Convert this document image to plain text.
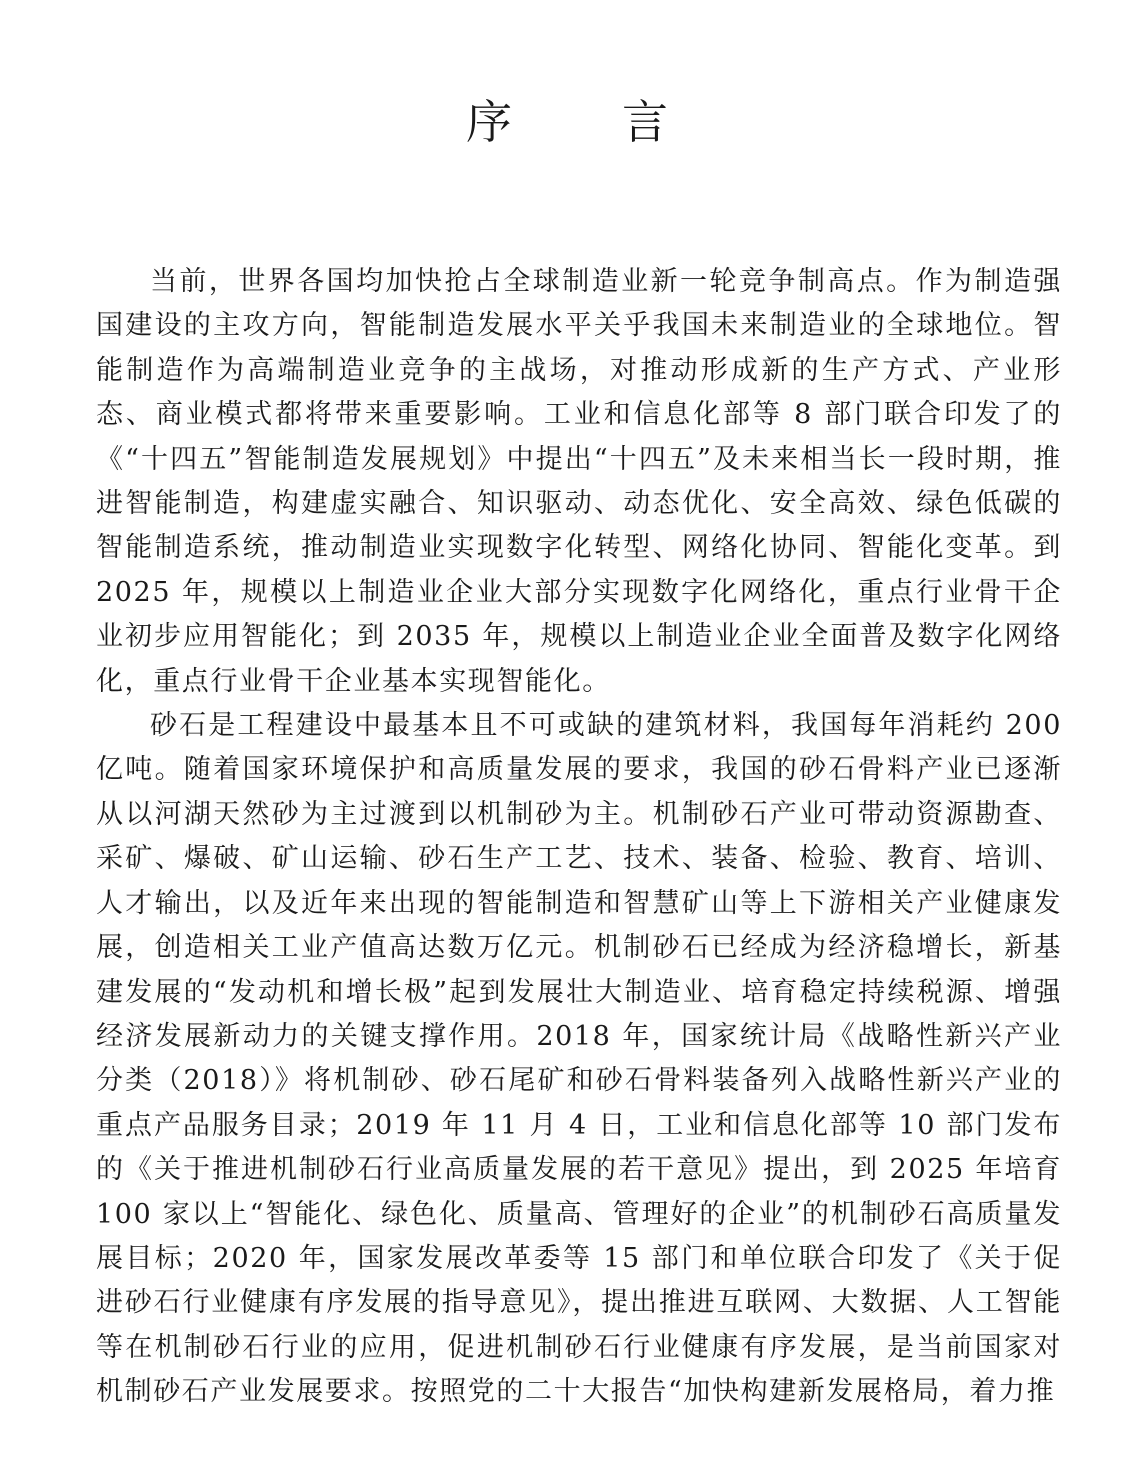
序 言

当前，世界各国均加快抢占全球制造业新一轮竞争制高点。作为制造强国建设的主攻方向，智能制造发展水平关乎我国未来制造业的全球地位。智能制造作为高端制造业竞争的主战场，对推动形成新的生产方式、产业形态、商业模式都将带来重要影响。工业和信息化部等 8 部门联合印发了的《“十四五”智能制造发展规划》中提出“十四五”及未来相当长一段时期，推进智能制造，构建虚实融合、知识驱动、动态优化、安全高效、绿色低碳的智能制造系统，推动制造业实现数字化转型、网络化协同、智能化变革。到 2025 年，规模以上制造业企业大部分实现数字化网络化，重点行业骨干企业初步应用智能化；到 2035 年，规模以上制造业企业全面普及数字化网络化，重点行业骨干企业基本实现智能化。

砂石是工程建设中最基本且不可或缺的建筑材料，我国每年消耗约 200 亿吨。随着国家环境保护和高质量发展的要求，我国的砂石骨料产业已逐渐从以河湖天然砂为主过渡到以机制砂为主。机制砂石产业可带动资源勘查、采矿、爆破、矿山运输、砂石生产工艺、技术、装备、检验、教育、培训、人才输出，以及近年来出现的智能制造和智慧矿山等上下游相关产业健康发展，创造相关工业产值高达数万亿元。机制砂石已经成为经济稳增长，新基建发展的“发动机和增长极”起到发展壮大制造业、培育稳定持续税源、增强经济发展新动力的关键支撑作用。2018 年，国家统计局《战略性新兴产业分类（2018）》将机制砂、砂石尾矿和砂石骨料装备列入战略性新兴产业的重点产品服务目录；2019 年 11 月 4 日，工业和信息化部等 10 部门发布的《关于推进机制砂石行业高质量发展的若干意见》提出，到 2025 年培育 100 家以上“智能化、绿色化、质量高、管理好的企业”的机制砂石高质量发展目标；2020 年，国家发展改革委等 15 部门和单位联合印发了《关于促进砂石行业健康有序发展的指导意见》，提出推进互联网、大数据、人工智能等在机制砂石行业的应用，促进机制砂石行业健康有序发展，是当前国家对机制砂石产业发展要求。按照党的二十大报告“加快构建新发展格局，着力推
